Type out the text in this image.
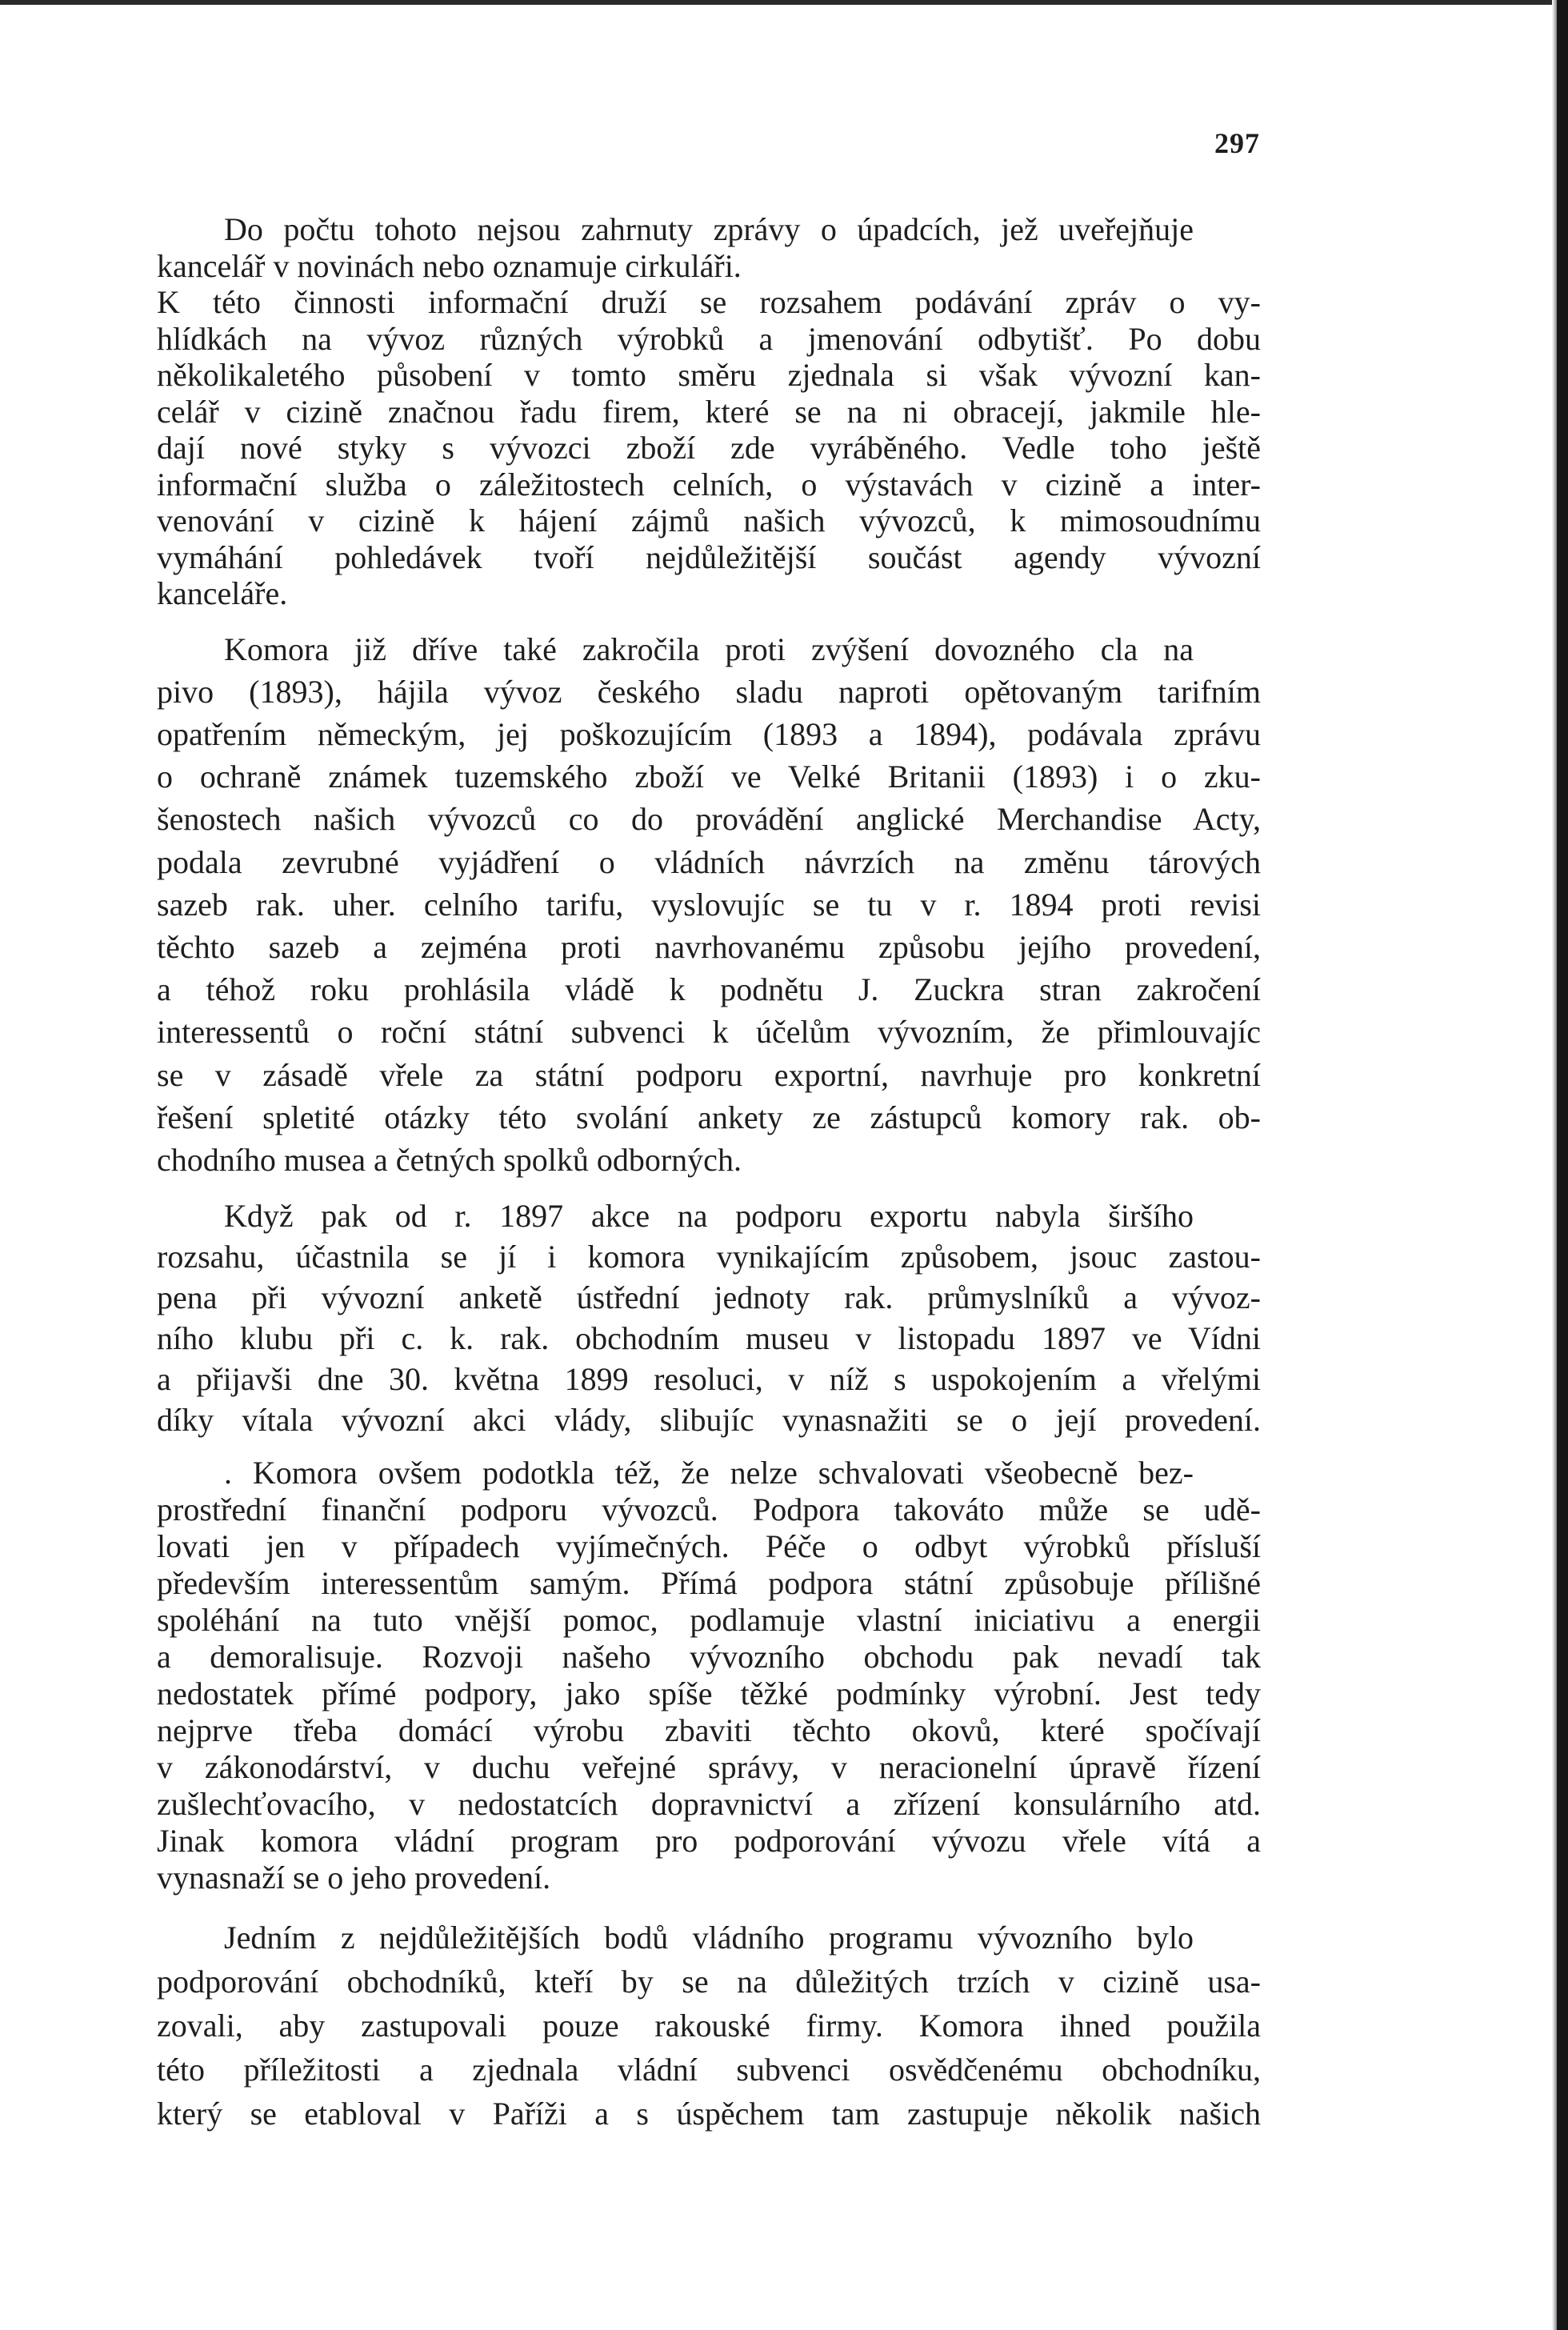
297

Do počtu tohoto nejsou zahrnuty zprávy o úpadcích, jež uveřejňuje
kancelář v novinách nebo oznamuje cirkuláři.
K této činnosti informační druží se rozsahem podávání zpráv o vy-
hlídkách na vývoz různých výrobků a jmenování odbytišť. Po dobu
několikaletého působení v tomto směru zjednala si však vývozní kan-
celář v cizině značnou řadu firem, které se na ni obracejí, jakmile hle-
dají nové styky s vývozci zboží zde vyráběného. Vedle toho ještě
informační služba o záležitostech celních, o výstavách v cizině a inter-
venování v cizině k hájení zájmů našich vývozců, k mimosoudnímu
vymáhání pohledávek tvoří nejdůležitější součást agendy vývozní
kanceláře.

Komora již dříve také zakročila proti zvýšení dovozného cla na
pivo (1893), hájila vývoz českého sladu naproti opětovaným tarifním
opatřením německým, jej poškozujícím (1893 a 1894), podávala zprávu
o ochraně známek tuzemského zboží ve Velké Britanii (1893) i o zku-
šenostech našich vývozců co do provádění anglické Merchandise Acty,
podala zevrubné vyjádření o vládních návrzích na změnu tárových
sazeb rak. uher. celního tarifu, vyslovujíc se tu v r. 1894 proti revisi
těchto sazeb a zejména proti navrhovanému způsobu jejího provedení,
a téhož roku prohlásila vládě k podnětu J. Zuckra stran zakročení
interessentů o roční státní subvenci k účelům vývozním, že přimlouvajíc
se v zásadě vřele za státní podporu exportní, navrhuje pro konkretní
řešení spletité otázky této svolání ankety ze zástupců komory rak. ob-
chodního musea a četných spolků odborných.

Když pak od r. 1897 akce na podporu exportu nabyla širšího
rozsahu, účastnila se jí i komora vynikajícím způsobem, jsouc zastou-
pena při vývozní anketě ústřední jednoty rak. průmyslníků a vývoz-
ního klubu při c. k. rak. obchodním museu v listopadu 1897 ve Vídni
a přijavši dne 30. května 1899 resoluci, v níž s uspokojením a vřelými
díky vítala vývozní akci vlády, slibujíc vynasnažiti se o její provedení.

. Komora ovšem podotkla též, že nelze schvalovati všeobecně bez-
prostřední finanční podporu vývozců. Podpora takováto může se udě-
lovati jen v případech vyjímečných. Péče o odbyt výrobků přísluší
především interessentům samým. Přímá podpora státní způsobuje přílišné
spoléhání na tuto vnější pomoc, podlamuje vlastní iniciativu a energii
a demoralisuje. Rozvoji našeho vývozního obchodu pak nevadí tak
nedostatek přímé podpory, jako spíše těžké podmínky výrobní. Jest tedy
nejprve třeba domácí výrobu zbaviti těchto okovů, které spočívají
v zákonodárství, v duchu veřejné správy, v neracionelní úpravě řízení
zušlechťovacího, v nedostatcích dopravnictví a zřízení konsulárního atd.
Jinak komora vládní program pro podporování vývozu vřele vítá a
vynasnaží se o jeho provedení.

Jedním z nejdůležitějších bodů vládního programu vývozního bylo
podporování obchodníků, kteří by se na důležitých trzích v cizině usa-
zovali, aby zastupovali pouze rakouské firmy. Komora ihned použila
této příležitosti a zjednala vládní subvenci osvědčenému obchodníku,
který se etabloval v Paříži a s úspěchem tam zastupuje několik našich
